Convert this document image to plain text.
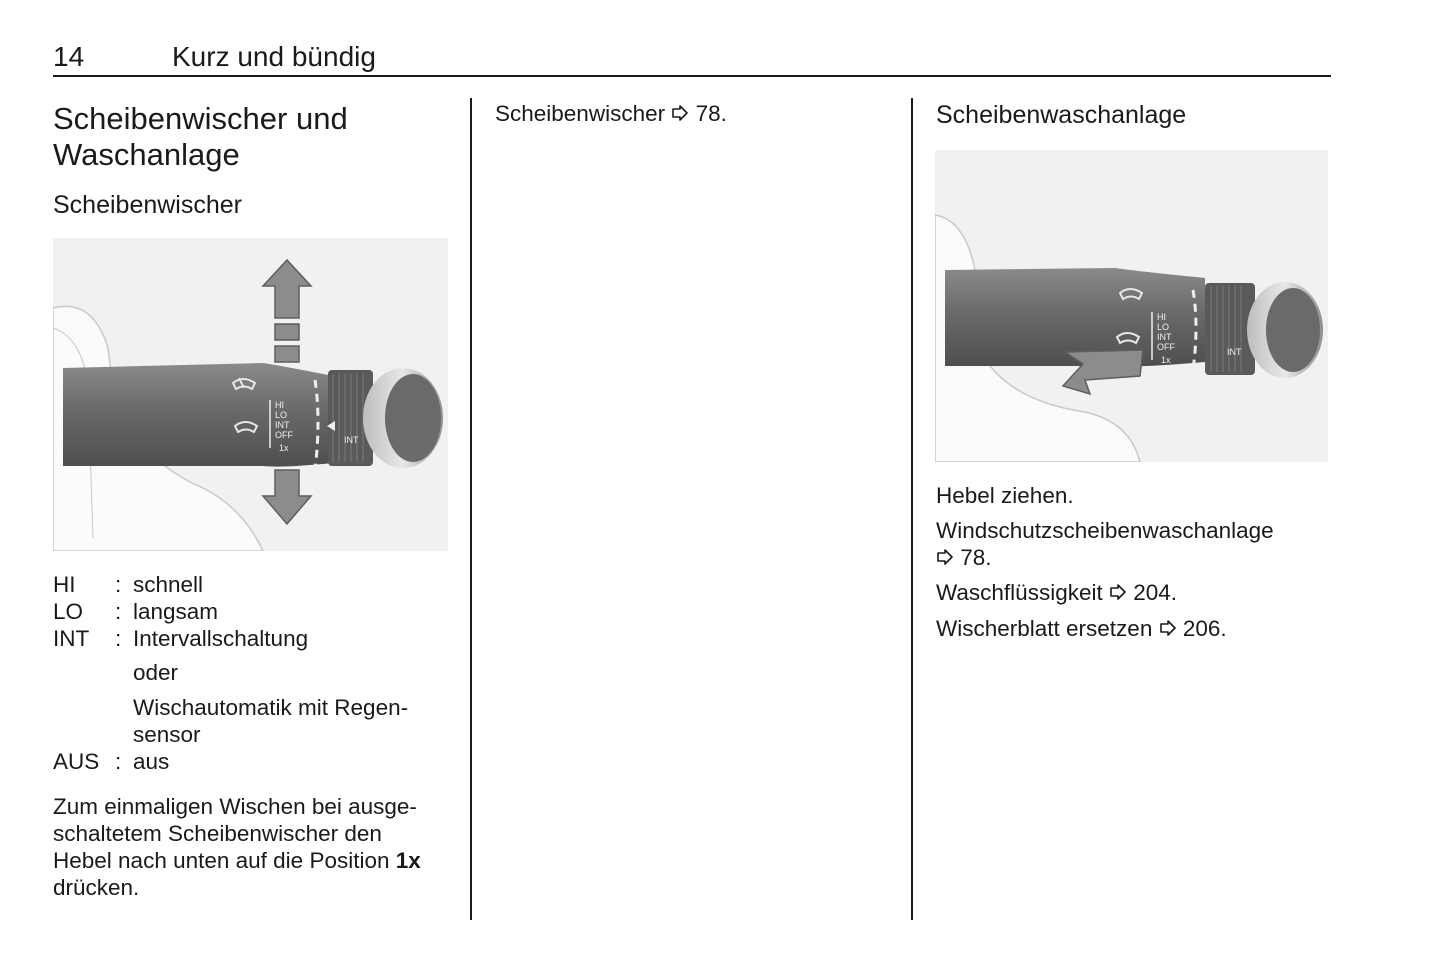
14	Kurz und bündig
Scheibenwischer und
Waschanlage
Scheibenwischer
HI
LO
INT
OFF
1x
INT
HI : schnell
LO : langsam
INT : Intervallschaltung
oder
Wischautomatik mit Regen-
sensor
AUS : aus
Zum einmaligen Wischen bei ausge-
schaltetem Scheibenwischer den
Hebel nach unten auf die Position 1x
drücken.
Scheibenwischer 78.	Scheibenwaschanlage
HI
LO
INT
OFF
1x
INT
Hebel ziehen.
Windschutzscheibenwaschanlage
78.
Waschflüssigkeit 204.
Wischerblatt ersetzen 206.
